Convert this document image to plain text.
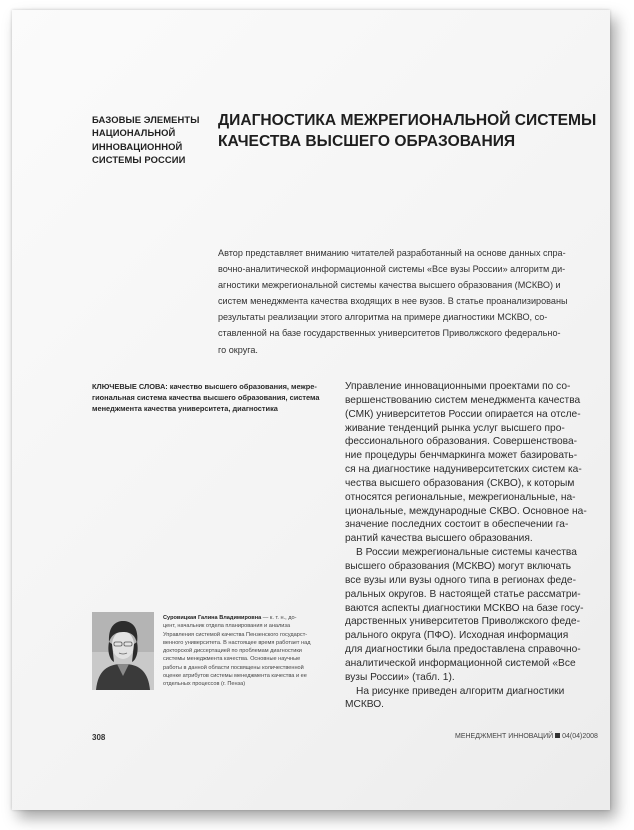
БАЗОВЫЕ ЭЛЕМЕНТЫ
НАЦИОНАЛЬНОЙ
ИННОВАЦИОННОЙ
СИСТЕМЫ РОССИИ
ДИАГНОСТИКА МЕЖРЕГИОНАЛЬНОЙ СИСТЕМЫ
КАЧЕСТВА ВЫСШЕГО ОБРАЗОВАНИЯ
Автор представляет вниманию читателей разработанный на основе данных спра-
вочно-аналитической информационной системы «Все вузы России» алгоритм ди-
агностики межрегиональной системы качества высшего образования (МСКВО) и
систем менеджмента качества входящих в нее вузов. В статье проанализированы
результаты реализации этого алгоритма на примере диагностики МСКВО, со-
ставленной на базе государственных университетов Приволжского федерально-
го округа.
КЛЮЧЕВЫЕ СЛОВА: качество высшего образования, межре-
гиональная система качества высшего образования, система
менеджмента качества университета, диагностика
Управление инновационными проектами по со-
вершенствованию систем менеджмента качества
(СМК) университетов России опирается на отсле-
живание тенденций рынка услуг высшего про-
фессионального образования. Совершенствова-
ние процедуры бенчмаркинга может базировать-
ся на диагностике надуниверситетских систем ка-
чества высшего образования (СКВО), к которым
относятся региональные, межрегиональные, на-
циональные, международные СКВО. Основное на-
значение последних состоит в обеспечении га-
рантий качества высшего образования.
В России межрегиональные системы качества
высшего образования (МСКВО) могут включать
все вузы или вузы одного типа в регионах феде-
ральных округов. В настоящей статье рассматри-
ваются аспекты диагностики МСКВО на базе госу-
дарственных университетов Приволжского феде-
рального округа (ПФО). Исходная информация
для диагностики была предоставлена справочно-
аналитической информационной системой «Все
вузы России» (табл. 1).
На рисунке приведен алгоритм диагностики
МСКВО.
Суровицкая Галина Владимировна — к. т. н., до-
цент, начальник отдела планирования и анализа
Управления системой качества Пензенского государст-
венного университета. В настоящее время работает над
докторской диссертацией по проблемам диагностики
системы менеджмента качества. Основные научные
работы в данной области посвящены количественной
оценке атрибутов системы менеджмента качества и ее
отдельных процессов (г. Пенза)
308	МЕНЕДЖМЕНТ ИННОВАЦИЙ 04(04)2008
